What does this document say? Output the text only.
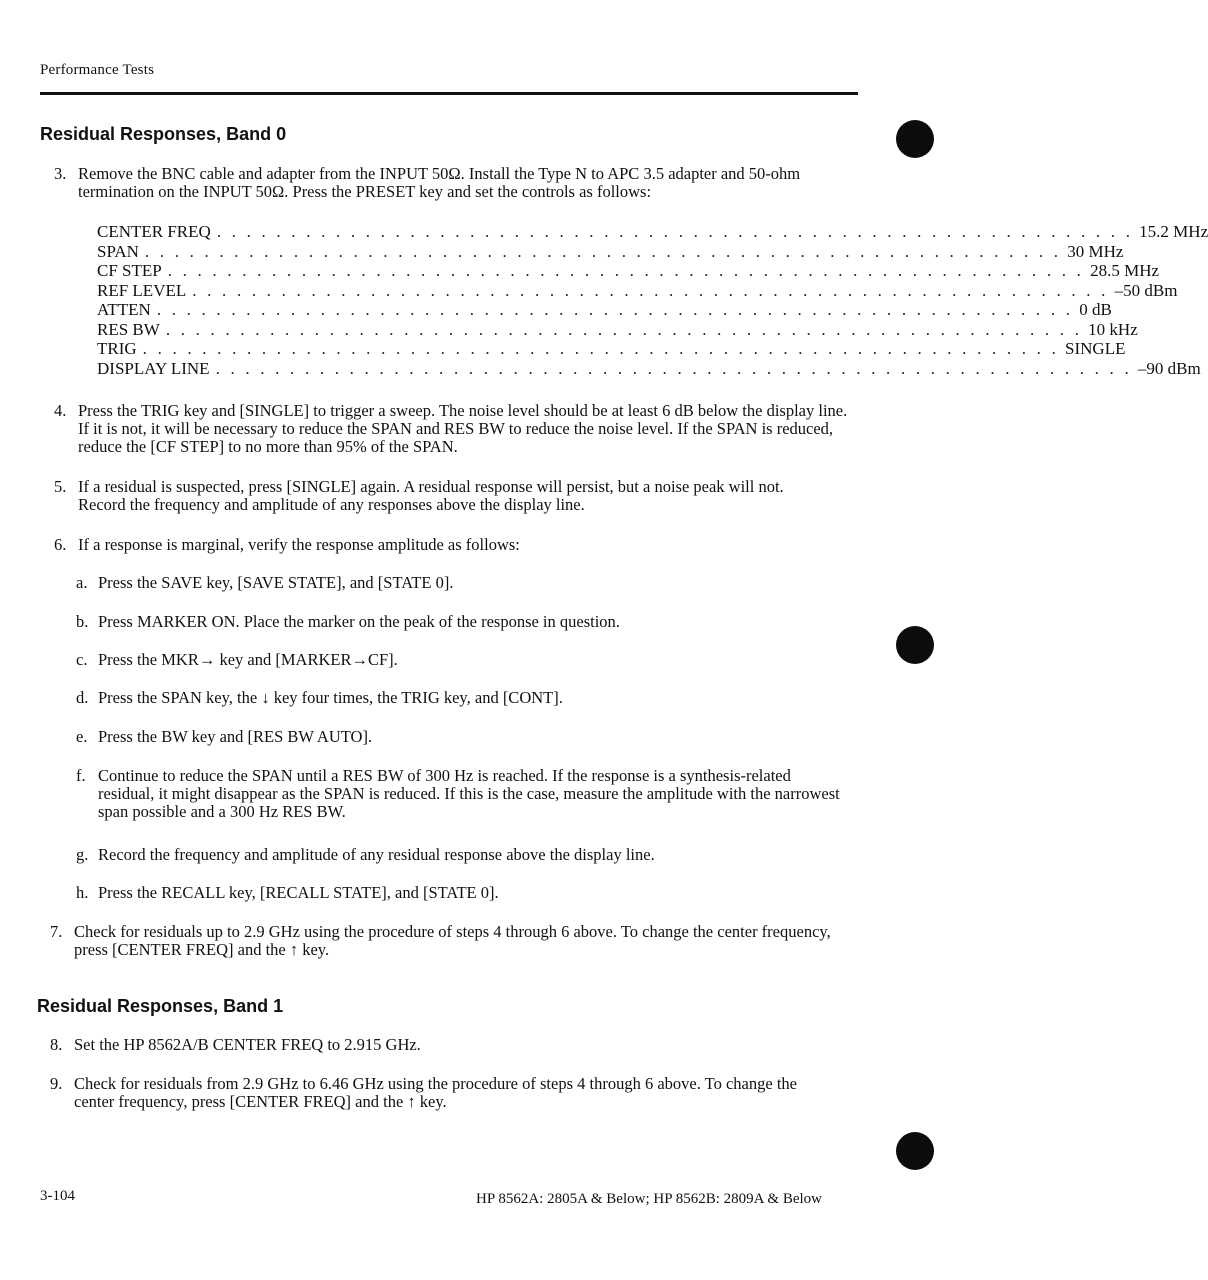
Performance Tests
Residual Responses, Band 0
3. Remove the BNC cable and adapter from the INPUT 50Ω. Install the Type N to APC 3.5 adapter and 50-ohm termination on the INPUT 50Ω. Press the PRESET key and set the controls as follows:
CENTER FREQ . . . . . . . . . . . . . . . . . . . . . . . . . . . . . . . . . . . . . . . . . . . . . . . . . . . . . . . . . . . . . . 15.2 MHz
SPAN . . . . . . . . . . . . . . . . . . . . . . . . . . . . . . . . . . . . . . . . . . . . . . . . . . . . . . . . . . . . . . 30 MHz
CF STEP . . . . . . . . . . . . . . . . . . . . . . . . . . . . . . . . . . . . . . . . . . . . . . . . . . . . . . . . . . . . . . 28.5 MHz
REF LEVEL . . . . . . . . . . . . . . . . . . . . . . . . . . . . . . . . . . . . . . . . . . . . . . . . . . . . . . . . . . . . . . –50 dBm
ATTEN . . . . . . . . . . . . . . . . . . . . . . . . . . . . . . . . . . . . . . . . . . . . . . . . . . . . . . . . . . . . . . 0 dB
RES BW . . . . . . . . . . . . . . . . . . . . . . . . . . . . . . . . . . . . . . . . . . . . . . . . . . . . . . . . . . . . . . 10 kHz
TRIG . . . . . . . . . . . . . . . . . . . . . . . . . . . . . . . . . . . . . . . . . . . . . . . . . . . . . . . . . . . . . . SINGLE
DISPLAY LINE . . . . . . . . . . . . . . . . . . . . . . . . . . . . . . . . . . . . . . . . . . . . . . . . . . . . . . . . . . . . . . –90 dBm
4. Press the TRIG key and [SINGLE] to trigger a sweep. The noise level should be at least 6 dB below the display line. If it is not, it will be necessary to reduce the SPAN and RES BW to reduce the noise level. If the SPAN is reduced, reduce the [CF STEP] to no more than 95% of the SPAN.
5. If a residual is suspected, press [SINGLE] again. A residual response will persist, but a noise peak will not. Record the frequency and amplitude of any responses above the display line.
6. If a response is marginal, verify the response amplitude as follows:
a. Press the SAVE key, [SAVE STATE], and [STATE 0].
b. Press MARKER ON. Place the marker on the peak of the response in question.
c. Press the MKR→ key and [MARKER→CF].
d. Press the SPAN key, the ↓ key four times, the TRIG key, and [CONT].
e. Press the BW key and [RES BW AUTO].
f. Continue to reduce the SPAN until a RES BW of 300 Hz is reached. If the response is a synthesis-related residual, it might disappear as the SPAN is reduced. If this is the case, measure the amplitude with the narrowest span possible and a 300 Hz RES BW.
g. Record the frequency and amplitude of any residual response above the display line.
h. Press the RECALL key, [RECALL STATE], and [STATE 0].
7. Check for residuals up to 2.9 GHz using the procedure of steps 4 through 6 above. To change the center frequency, press [CENTER FREQ] and the ↑ key.
Residual Responses, Band 1
8. Set the HP 8562A/B CENTER FREQ to 2.915 GHz.
9. Check for residuals from 2.9 GHz to 6.46 GHz using the procedure of steps 4 through 6 above. To change the center frequency, press [CENTER FREQ] and the ↑ key.
3-104	HP 8562A: 2805A & Below; HP 8562B: 2809A & Below
